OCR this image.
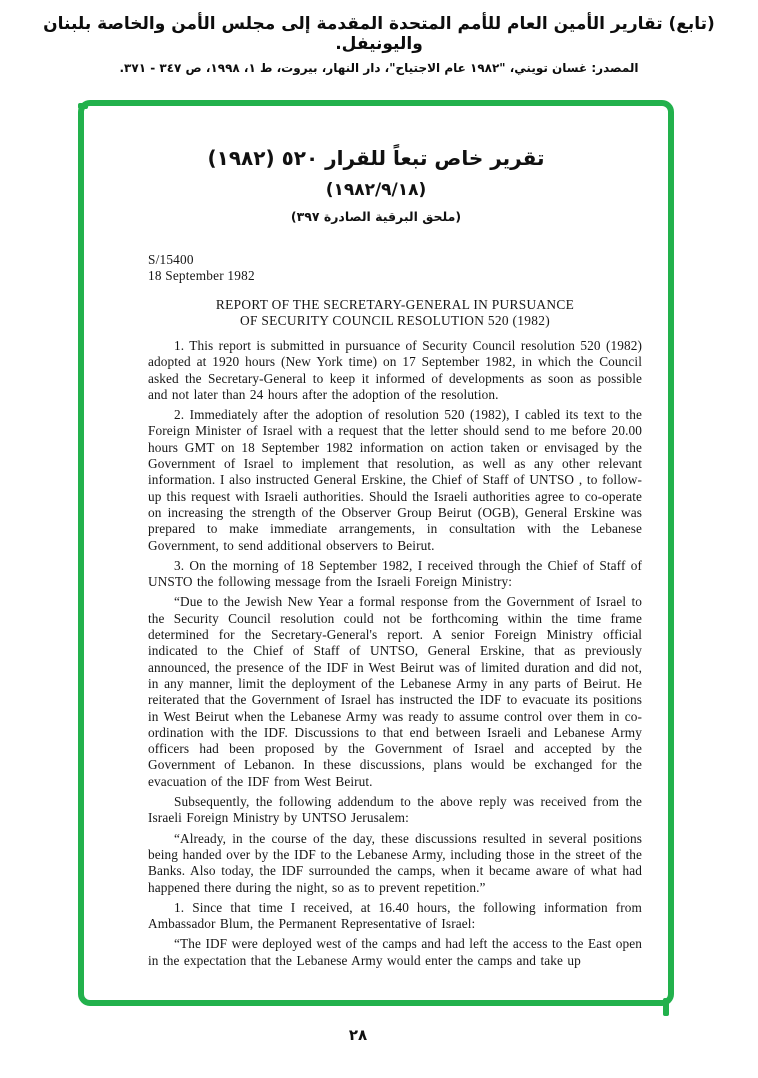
(تابع) تقارير الأمين العام للأمم المتحدة المقدمة إلى مجلس الأمن والخاصة بلبنان واليونيفل.
المصدر: غسان تويني، "١٩٨٢ عام الاجتياح"، دار النهار، بيروت، ط ١، ١٩٩٨، ص ٣٤٧ - ٣٧١.
تقرير خاص تبعاً للقرار ٥٢٠ (١٩٨٢)
(١٩٨٢/٩/١٨)
(ملحق البرقية الصادرة ٣٩٧)
S/15400
18 September 1982
REPORT OF THE SECRETARY-GENERAL IN PURSUANCE
OF SECURITY COUNCIL RESOLUTION 520 (1982)

1. This report is submitted in pursuance of Security Council resolution 520 (1982) adopted at 1920 hours (New York time) on 17 September 1982, in which the Council asked the Secretary-General to keep it informed of developments as soon as possible and not later than 24 hours after the adoption of the resolution.

2. Immediately after the adoption of resolution 520 (1982), I cabled its text to the Foreign Minister of Israel with a request that the letter should send to me before 20.00 hours GMT on 18 September 1982 information on action taken or envisaged by the Government of Israel to implement that resolution, as well as any other relevant information. I also instructed General Erskine, the Chief of Staff of UNTSO , to follow-up this request with Israeli authorities. Should the Israeli authorities agree to co-operate on increasing the strength of the Observer Group Beirut (OGB), General Erskine was prepared to make immediate arrangements, in consultation with the Lebanese Government, to send additional observers to Beirut.

3. On the morning of 18 September 1982, I received through the Chief of Staff of UNSTO the following message from the Israeli Foreign Ministry:

“Due to the Jewish New Year a formal response from the Government of Israel to the Security Council resolution could not be forthcoming within the time frame determined for the Secretary-General's report. A senior Foreign Ministry official indicated to the Chief of Staff of UNTSO, General Erskine, that as previously announced, the presence of the IDF in West Beirut was of limited duration and did not, in any manner, limit the deployment of the Lebanese Army in any parts of Beirut. He reiterated that the Government of Israel has instructed the IDF to evacuate its positions in West Beirut when the Lebanese Army was ready to assume control over them in co-ordination with the IDF. Discussions to that end between Israeli and Lebanese Army officers had been proposed by the Government of Israel and accepted by the Government of Lebanon. In these discussions, plans would be exchanged for the evacuation of the IDF from West Beirut.

Subsequently, the following addendum to the above reply was received from the Israeli Foreign Ministry by UNTSO Jerusalem:

“Already, in the course of the day, these discussions resulted in several positions being handed over by the IDF to the Lebanese Army, including those in the street of the Banks. Also today, the IDF surrounded the camps, when it became aware of what had happened there during the night, so as to prevent repetition.”

1. Since that time I received, at 16.40 hours, the following information from Ambassador Blum, the Permanent Representative of Israel:

“The IDF were deployed west of the camps and had left the access to the East open in the expectation that the Lebanese Army would enter the camps and take up

٢٨
